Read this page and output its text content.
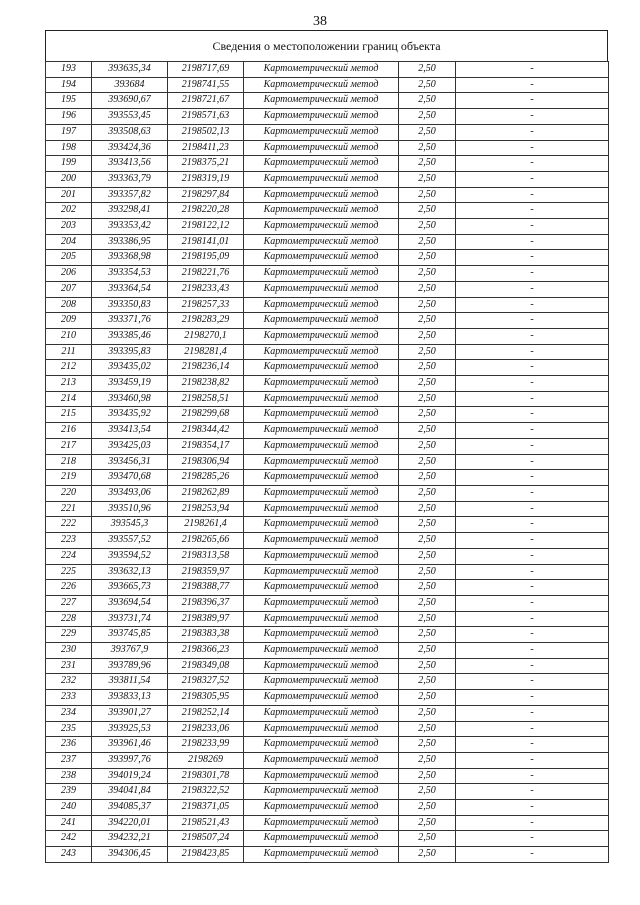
38
Сведения о местоположении границ объекта
193	393635,34	2198717,69	Картометрический метод	2,50	-
194	393684	2198741,55	Картометрический метод	2,50	-
195	393690,67	2198721,67	Картометрический метод	2,50	-
196	393553,45	2198571,63	Картометрический метод	2,50	-
197	393508,63	2198502,13	Картометрический метод	2,50	-
198	393424,36	2198411,23	Картометрический метод	2,50	-
199	393413,56	2198375,21	Картометрический метод	2,50	-
200	393363,79	2198319,19	Картометрический метод	2,50	-
201	393357,82	2198297,84	Картометрический метод	2,50	-
202	393298,41	2198220,28	Картометрический метод	2,50	-
203	393353,42	2198122,12	Картометрический метод	2,50	-
204	393386,95	2198141,01	Картометрический метод	2,50	-
205	393368,98	2198195,09	Картометрический метод	2,50	-
206	393354,53	2198221,76	Картометрический метод	2,50	-
207	393364,54	2198233,43	Картометрический метод	2,50	-
208	393350,83	2198257,33	Картометрический метод	2,50	-
209	393371,76	2198283,29	Картометрический метод	2,50	-
210	393385,46	2198270,1	Картометрический метод	2,50	-
211	393395,83	2198281,4	Картометрический метод	2,50	-
212	393435,02	2198236,14	Картометрический метод	2,50	-
213	393459,19	2198238,82	Картометрический метод	2,50	-
214	393460,98	2198258,51	Картометрический метод	2,50	-
215	393435,92	2198299,68	Картометрический метод	2,50	-
216	393413,54	2198344,42	Картометрический метод	2,50	-
217	393425,03	2198354,17	Картометрический метод	2,50	-
218	393456,31	2198306,94	Картометрический метод	2,50	-
219	393470,68	2198285,26	Картометрический метод	2,50	-
220	393493,06	2198262,89	Картометрический метод	2,50	-
221	393510,96	2198253,94	Картометрический метод	2,50	-
222	393545,3	2198261,4	Картометрический метод	2,50	-
223	393557,52	2198265,66	Картометрический метод	2,50	-
224	393594,52	2198313,58	Картометрический метод	2,50	-
225	393632,13	2198359,97	Картометрический метод	2,50	-
226	393665,73	2198388,77	Картометрический метод	2,50	-
227	393694,54	2198396,37	Картометрический метод	2,50	-
228	393731,74	2198389,97	Картометрический метод	2,50	-
229	393745,85	2198383,38	Картометрический метод	2,50	-
230	393767,9	2198366,23	Картометрический метод	2,50	-
231	393789,96	2198349,08	Картометрический метод	2,50	-
232	393811,54	2198327,52	Картометрический метод	2,50	-
233	393833,13	2198305,95	Картометрический метод	2,50	-
234	393901,27	2198252,14	Картометрический метод	2,50	-
235	393925,53	2198233,06	Картометрический метод	2,50	-
236	393961,46	2198233,99	Картометрический метод	2,50	-
237	393997,76	2198269	Картометрический метод	2,50	-
238	394019,24	2198301,78	Картометрический метод	2,50	-
239	394041,84	2198322,52	Картометрический метод	2,50	-
240	394085,37	2198371,05	Картометрический метод	2,50	-
241	394220,01	2198521,43	Картометрический метод	2,50	-
242	394232,21	2198507,24	Картометрический метод	2,50	-
243	394306,45	2198423,85	Картометрический метод	2,50	-
